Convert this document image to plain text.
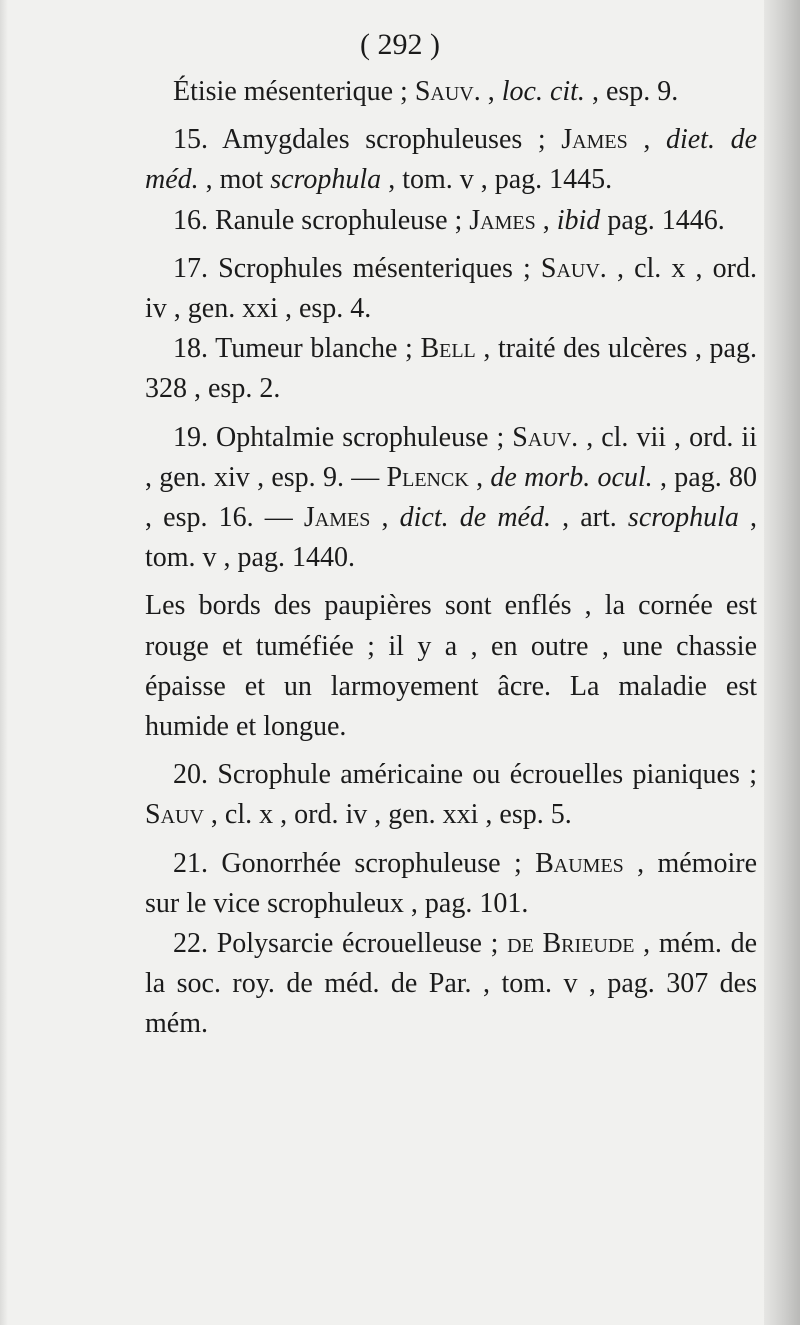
( 292 )

Étisie mésenterique ; Sauv. , loc. cit. , esp. 9.

15. Amygdales scrophuleuses ; James , diet. de méd. , mot scrophula , tom. v , pag. 1445.

16. Ranule scrophuleuse ; James , ibid pag. 1446.

17. Scrophules mésenteriques ; Sauv. , cl. x , ord. iv , gen. xxi , esp. 4.

18. Tumeur blanche ; Bell , traité des ulcères , pag. 328 , esp. 2.

19. Ophtalmie scrophuleuse ; Sauv. , cl. vii , ord. ii , gen. xiv , esp. 9. — Plenck , de morb. ocul. , pag. 80 , esp. 16. — James , dict. de méd. , art. scrophula , tom. v , pag. 1440.

Les bords des paupières sont enflés , la cornée est rouge et tuméfiée ; il y a , en outre , une chassie épaisse et un larmoyement âcre. La maladie est humide et longue.

20. Scrophule américaine ou écrouelles pianiques ; Sauv , cl. x , ord. iv , gen. xxi , esp. 5.

21. Gonorrhée scrophuleuse ; Baumes , mémoire sur le vice scrophuleux , pag. 101.

22. Polysarcie écrouelleuse ; de Brieude , mém. de la soc. roy. de méd. de Par. , tom. v , pag. 307 des mém.
